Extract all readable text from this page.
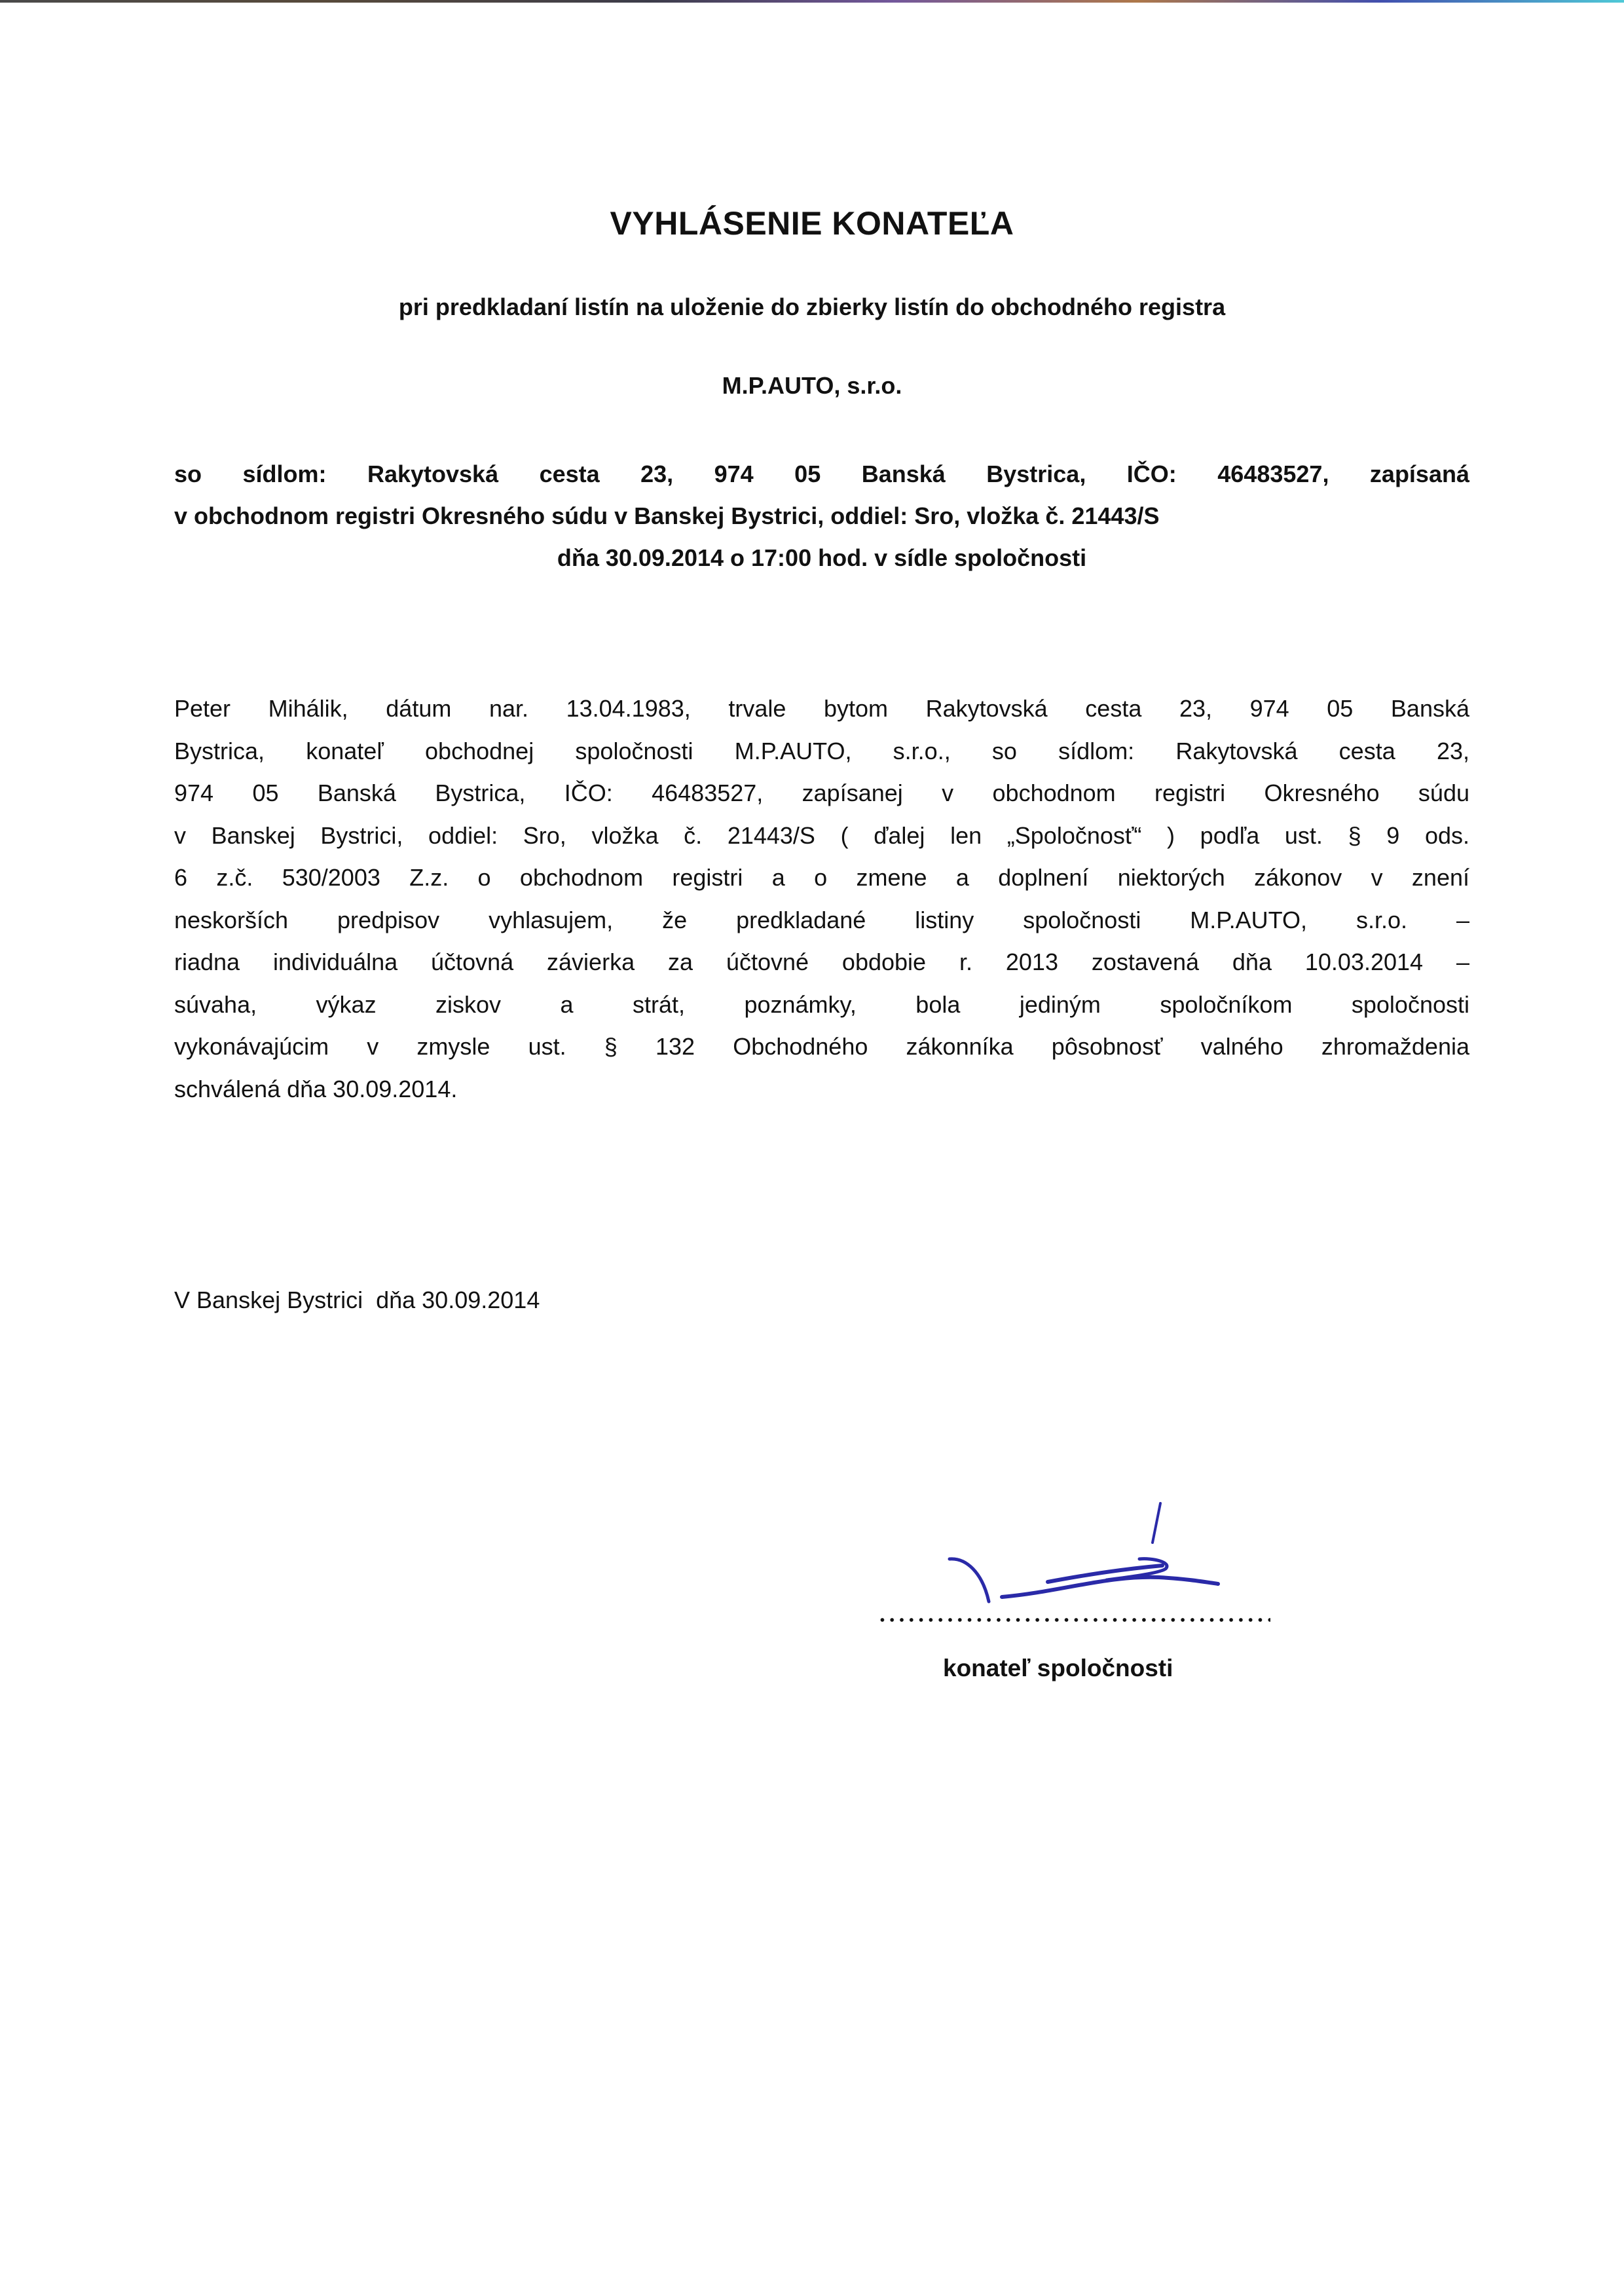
VYHLÁSENIE KONATEĽA
pri predkladaní listín na uloženie do zbierky listín do obchodného registra
M.P.AUTO, s.r.o.
so sídlom: Rakytovská cesta 23, 974 05 Banská Bystrica, IČO: 46483527, zapísaná
v obchodnom registri Okresného súdu v Banskej Bystrici, oddiel: Sro, vložka č. 21443/S
dňa 30.09.2014 o 17:00 hod. v sídle spoločnosti
Peter Mihálik, dátum nar. 13.04.1983, trvale bytom Rakytovská cesta 23, 974 05 Banská
Bystrica, konateľ obchodnej spoločnosti M.P.AUTO, s.r.o., so sídlom: Rakytovská cesta 23,
974 05 Banská Bystrica, IČO: 46483527, zapísanej v obchodnom registri Okresného súdu
v Banskej Bystrici, oddiel: Sro, vložka č. 21443/S ( ďalej len „Spoločnosť“ ) podľa ust. § 9 ods.
6 z.č. 530/2003 Z.z. o obchodnom registri a o zmene a doplnení niektorých zákonov v znení
neskorších predpisov vyhlasujem, že predkladané listiny spoločnosti M.P.AUTO, s.r.o. –
riadna individuálna účtovná závierka za účtovné obdobie r. 2013 zostavená dňa 10.03.2014 –
súvaha, výkaz ziskov a strát, poznámky, bola jediným spoločníkom spoločnosti
vykonávajúcim v zmysle ust. § 132 Obchodného zákonníka pôsobnosť valného zhromaždenia
schválená dňa 30.09.2014.
V Banskej Bystrici  dňa 30.09.2014
konateľ spoločnosti
